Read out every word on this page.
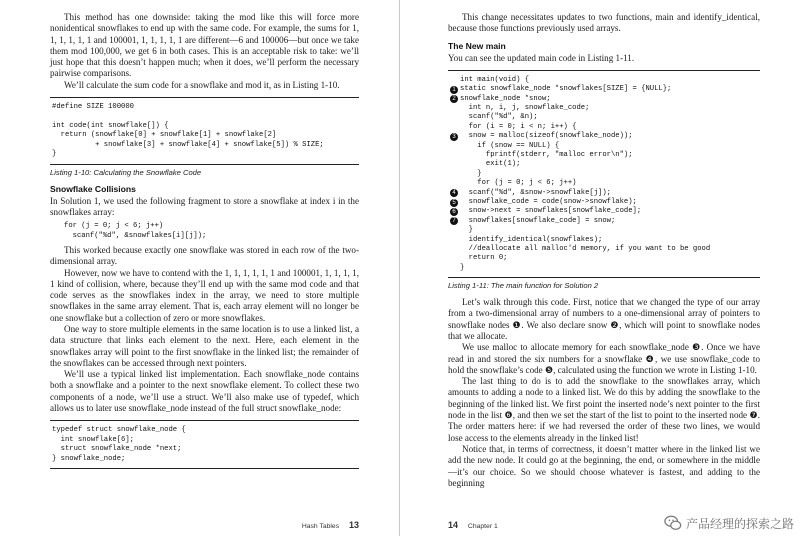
This method has one downside: taking the mod like this will force more nonidentical snowflakes to end up with the same code. For example, the sums for 1, 1, 1, 1, 1, 1 and 100001, 1, 1, 1, 1, 1 are different—6 and 100006—but once we take them mod 100,000, we get 6 in both cases. This is an acceptable risk to take: we’ll just hope that this doesn’t happen much; when it does, we’ll perform the necessary pairwise comparisons.

We’ll calculate the sum code for a snowflake and mod it, as in Listing 1-10.

#define SIZE 100000

int code(int snowflake[]) {
return (snowflake[0] + snowflake[1] + snowflake[2]
+ snowflake[3] + snowflake[4] + snowflake[5]) % SIZE;
}
Listing 1-10: Calculating the Snowflake Code
Snowflake Collisions

In Solution 1, we used the following fragment to store a snowflake at index i in the snowflakes array:

for (j = 0; j < 6; j++)
scanf("%d", &snowflakes[i][j]);

This worked because exactly one snowflake was stored in each row of the two-dimensional array.

However, now we have to contend with the 1, 1, 1, 1, 1, 1 and 100001, 1, 1, 1, 1, 1 kind of collision, where, because they’ll end up with the same mod code and that code serves as the snowflakes index in the array, we need to store multiple snowflakes in the same array element. That is, each array element will no longer be one snowflake but a collection of zero or more snowflakes.

One way to store multiple elements in the same location is to use a linked list, a data structure that links each element to the next. Here, each element in the snowflakes array will point to the first snowflake in the linked list; the remainder of the snowflakes can be accessed through next pointers.

We’ll use a typical linked list implementation. Each snowflake_node contains both a snowflake and a pointer to the next snowflake element. To collect these two components of a node, we’ll use a struct. We’ll also make use of typedef, which allows us to later use snowflake_node instead of the full struct snowflake_node:

typedef struct snowflake_node {
int snowflake[6];
struct snowflake_node *next;
} snowflake_node;
Hash Tables 13

This change necessitates updates to two functions, main and identify_identical, because those functions previously used arrays.

The New main

You can see the updated main code in Listing 1-11.

int main(void) {
1 static snowflake_node *snowflakes[SIZE] = {NULL};
2 snowflake_node *snow;
int n, i, j, snowflake_code;
scanf("%d", &n);
for (i = 0; i < n; i++) {
3 snow = malloc(sizeof(snowflake_node));
if (snow == NULL) {
fprintf(stderr, "malloc error\n");
exit(1);
}
for (j = 0; j < 6; j++)
4 scanf("%d", &snow->snowflake[j]);
5 snowflake_code = code(snow->snowflake);
6 snow->next = snowflakes[snowflake_code];
7 snowflakes[snowflake_code] = snow;
}
identify_identical(snowflakes);
//deallocate all malloc'd memory, if you want to be good
return 0;
}
Listing 1-11: The main function for Solution 2

Let’s walk through this code. First, notice that we changed the type of our array from a two-dimensional array of numbers to a one-dimensional array of pointers to snowflake nodes ❶. We also declare snow ❷, which will point to snowflake nodes that we allocate.

We use malloc to allocate memory for each snowflake_node ❸. Once we have read in and stored the six numbers for a snowflake ❹, we use snowflake_code to hold the snowflake’s code ❺, calculated using the function we wrote in Listing 1-10.

The last thing to do is to add the snowflake to the snowflakes array, which amounts to adding a node to a linked list. We do this by adding the snowflake to the beginning of the linked list. We first point the inserted node’s next pointer to the first node in the list ❻, and then we set the start of the list to point to the inserted node ❼. The order matters here: if we had reversed the order of these two lines, we would lose access to the elements already in the linked list!

Notice that, in terms of correctness, it doesn’t matter where in the linked list we add the new node. It could go at the beginning, the end, or somewhere in the middle—it’s our choice. So we should choose whatever is fastest, and adding to the beginning

14 Chapter 1	产品经理的探索之路
